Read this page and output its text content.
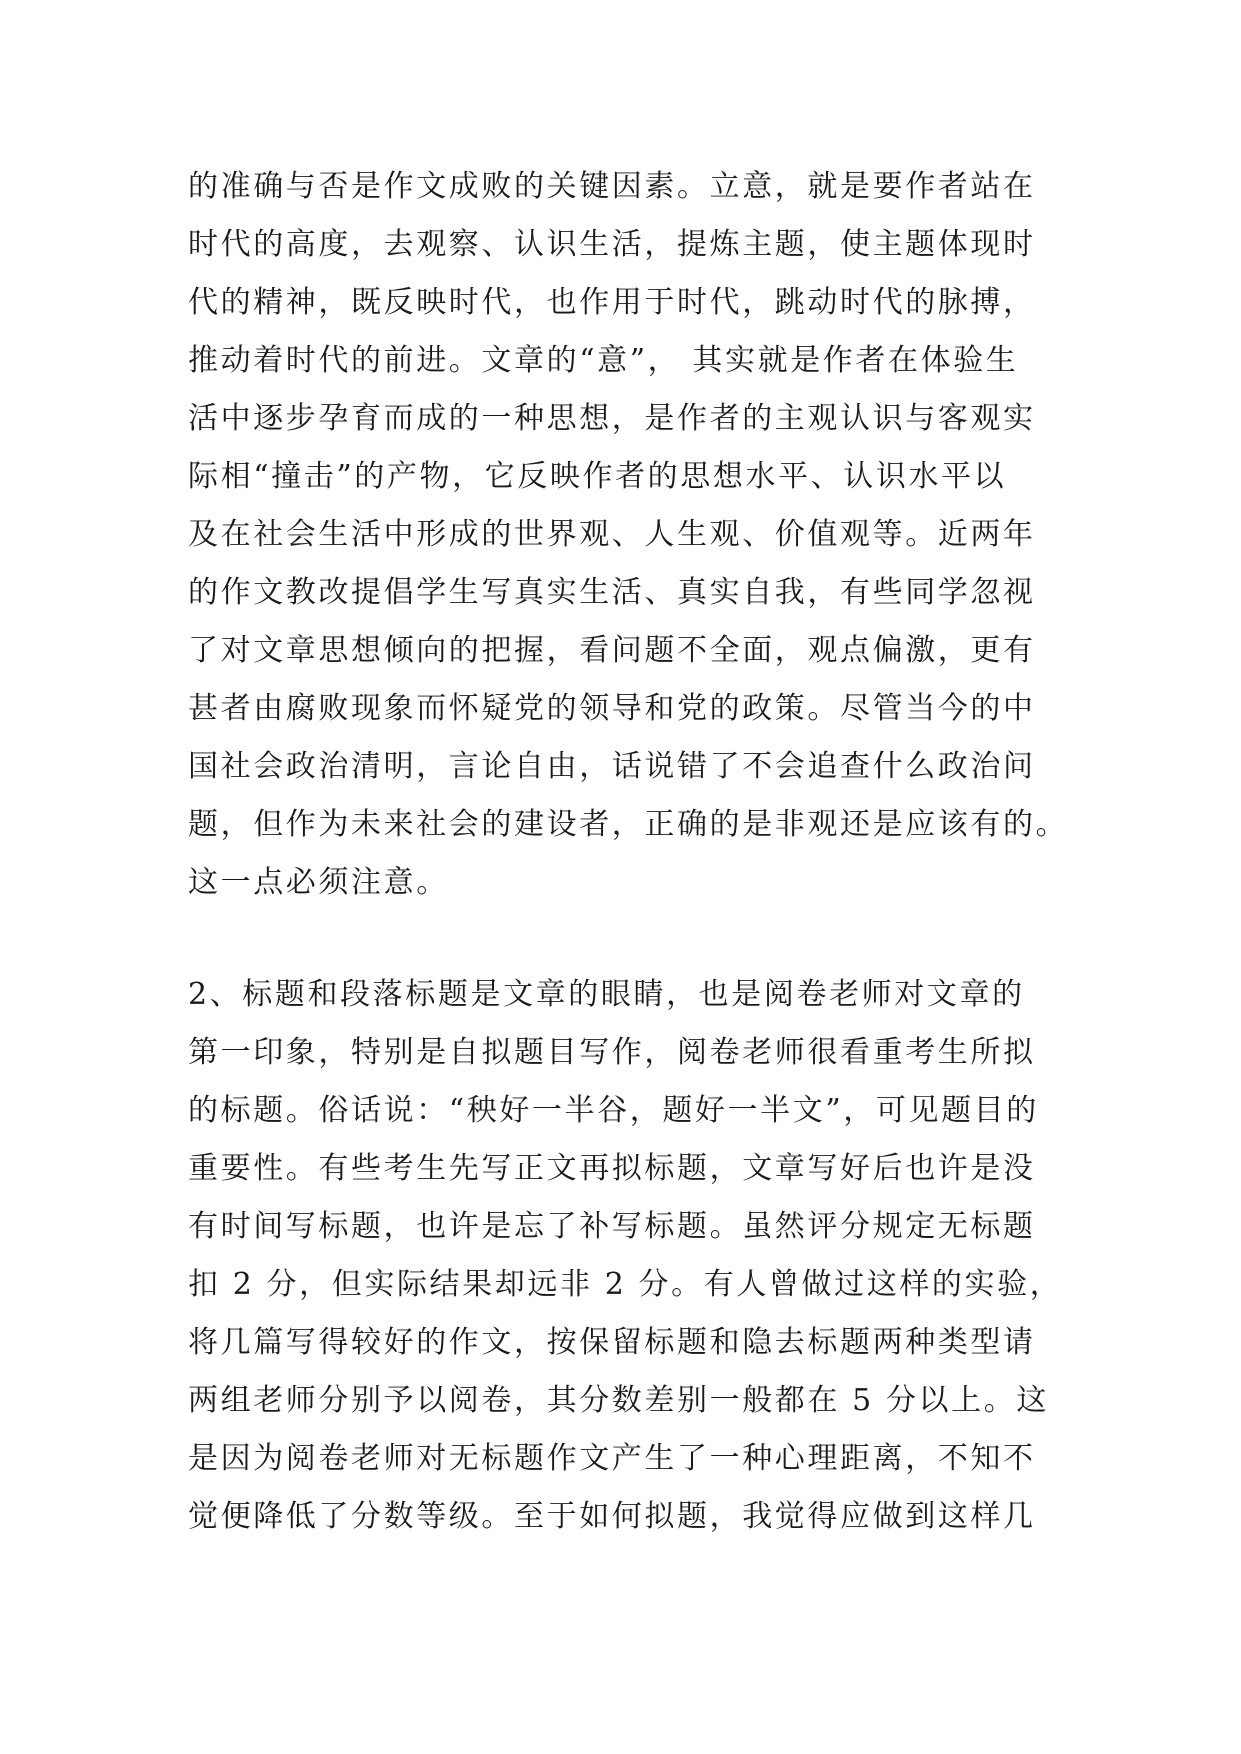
的准确与否是作文成败的关键因素。立意，就是要作者站在
时代的高度，去观察、认识生活，提炼主题，使主题体现时
代的精神，既反映时代，也作用于时代，跳动时代的脉搏，
推动着时代的前进。文章的“意”， 其实就是作者在体验生
活中逐步孕育而成的一种思想，是作者的主观认识与客观实
际相“撞击”的产物，它反映作者的思想水平、认识水平以
及在社会生活中形成的世界观、人生观、价值观等。近两年
的作文教改提倡学生写真实生活、真实自我，有些同学忽视
了对文章思想倾向的把握，看问题不全面，观点偏激，更有
甚者由腐败现象而怀疑党的领导和党的政策。尽管当今的中
国社会政治清明，言论自由，话说错了不会追查什么政治问
题，但作为未来社会的建设者，正确的是非观还是应该有的。
这一点必须注意。

2、标题和段落标题是文章的眼睛，也是阅卷老师对文章的
第一印象，特别是自拟题目写作，阅卷老师很看重考生所拟
的标题。俗话说：“秧好一半谷，题好一半文”，可见题目的
重要性。有些考生先写正文再拟标题，文章写好后也许是没
有时间写标题，也许是忘了补写标题。虽然评分规定无标题
扣 2 分，但实际结果却远非 2 分。有人曾做过这样的实验，
将几篇写得较好的作文，按保留标题和隐去标题两种类型请
两组老师分别予以阅卷，其分数差别一般都在 5 分以上。这
是因为阅卷老师对无标题作文产生了一种心理距离，不知不
觉便降低了分数等级。至于如何拟题，我觉得应做到这样几
